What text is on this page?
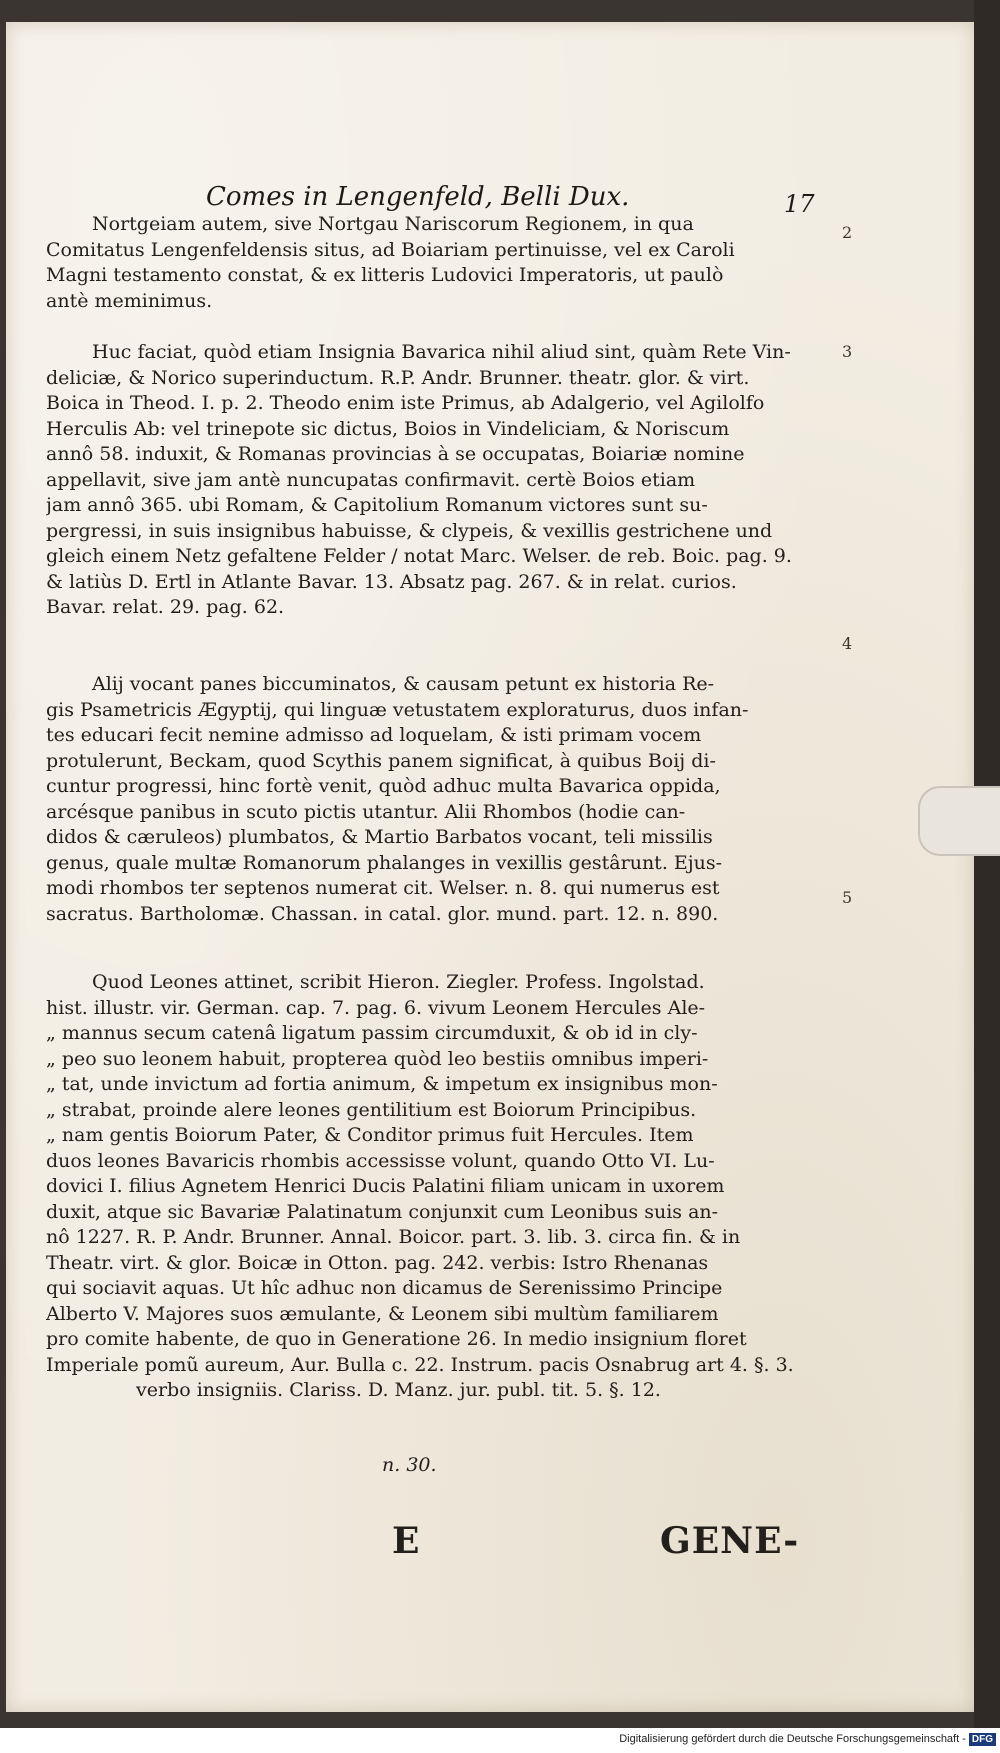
Comes in Lengenfeld, Belli Dux.	17
2
3
4
5
Nortgeiam autem, sive Nortgau Nariscorum Regionem, in qua
Comitatus Lengenfeldensis situs, ad Boiariam pertinuisse, vel ex Caroli
Magni testamento constat, & ex litteris Ludovici Imperatoris, ut paulò
antè meminimus.
Huc faciat, quòd etiam Insignia Bavarica nihil aliud sint, quàm Rete Vin-
deliciæ, & Norico superinductum. R.P. Andr. Brunner. theatr. glor. & virt.
Boica in Theod. I. p. 2. Theodo enim iste Primus, ab Adalgerio, vel Agilolfo
Herculis Ab: vel trinepote sic dictus, Boios in Vindeliciam, & Noriscum
annô 58. induxit, & Romanas provincias à se occupatas, Boiariæ nomine
appellavit, sive jam antè nuncupatas confirmavit. certè Boios etiam
jam annô 365. ubi Romam, & Capitolium Romanum victores sunt su-
pergressi, in suis insignibus habuisse, & clypeis, & vexillis gestrichene und
gleich einem Netz gefaltene Felder / notat Marc. Welser. de reb. Boic. pag. 9.
& latiùs D. Ertl in Atlante Bavar. 13. Absatz pag. 267. & in relat. curios.
Bavar. relat. 29. pag. 62.
Alij vocant panes biccuminatos, & causam petunt ex historia Re-
gis Psametricis Ægyptij, qui linguæ vetustatem exploraturus, duos infan-
tes educari fecit nemine admisso ad loquelam, & isti primam vocem
protulerunt, Beckam, quod Scythis panem significat, à quibus Boij di-
cuntur progressi, hinc fortè venit, quòd adhuc multa Bavarica oppida,
arcésque panibus in scuto pictis utantur. Alii Rhombos (hodie can-
didos & cæruleos) plumbatos, & Martio Barbatos vocant, teli missilis
genus, quale multæ Romanorum phalanges in vexillis gestârunt. Ejus-
modi rhombos ter septenos numerat cit. Welser. n. 8. qui numerus est
sacratus. Bartholomæ. Chassan. in catal. glor. mund. part. 12. n. 890.
Quod Leones attinet, scribit Hieron. Ziegler. Profess. Ingolstad.
hist. illustr. vir. German. cap. 7. pag. 6. vivum Leonem Hercules Ale-
„ mannus secum catenâ ligatum passim circumduxit, & ob id in cly-
„ peo suo leonem habuit, propterea quòd leo bestiis omnibus imperi-
„ tat, unde invictum ad fortia animum, & impetum ex insignibus mon-
„ strabat, proinde alere leones gentilitium est Boiorum Principibus.
„ nam gentis Boiorum Pater, & Conditor primus fuit Hercules. Item
duos leones Bavaricis rhombis accessisse volunt, quando Otto VI. Lu-
dovici I. filius Agnetem Henrici Ducis Palatini filiam unicam in uxorem
duxit, atque sic Bavariæ Palatinatum conjunxit cum Leonibus suis an-
nô 1227. R. P. Andr. Brunner. Annal. Boicor. part. 3. lib. 3. circa fin. & in
Theatr. virt. & glor. Boicæ in Otton. pag. 242. verbis: Istro Rhenanas
qui sociavit aquas. Ut hîc adhuc non dicamus de Serenissimo Principe
Alberto V. Majores suos æmulante, & Leonem sibi multùm familiarem
pro comite habente, de quo in Generatione 26. In medio insignium floret
Imperiale pomũ aureum, Aur. Bulla c. 22. Instrum. pacis Osnabrug art 4. §. 3.
verbo insigniis. Clariss. D. Manz. jur. publ. tit. 5. §. 12.
n. 30.
E	GENE-
Digitalisierung gefördert durch die Deutsche Forschungsgemeinschaft - DFG
